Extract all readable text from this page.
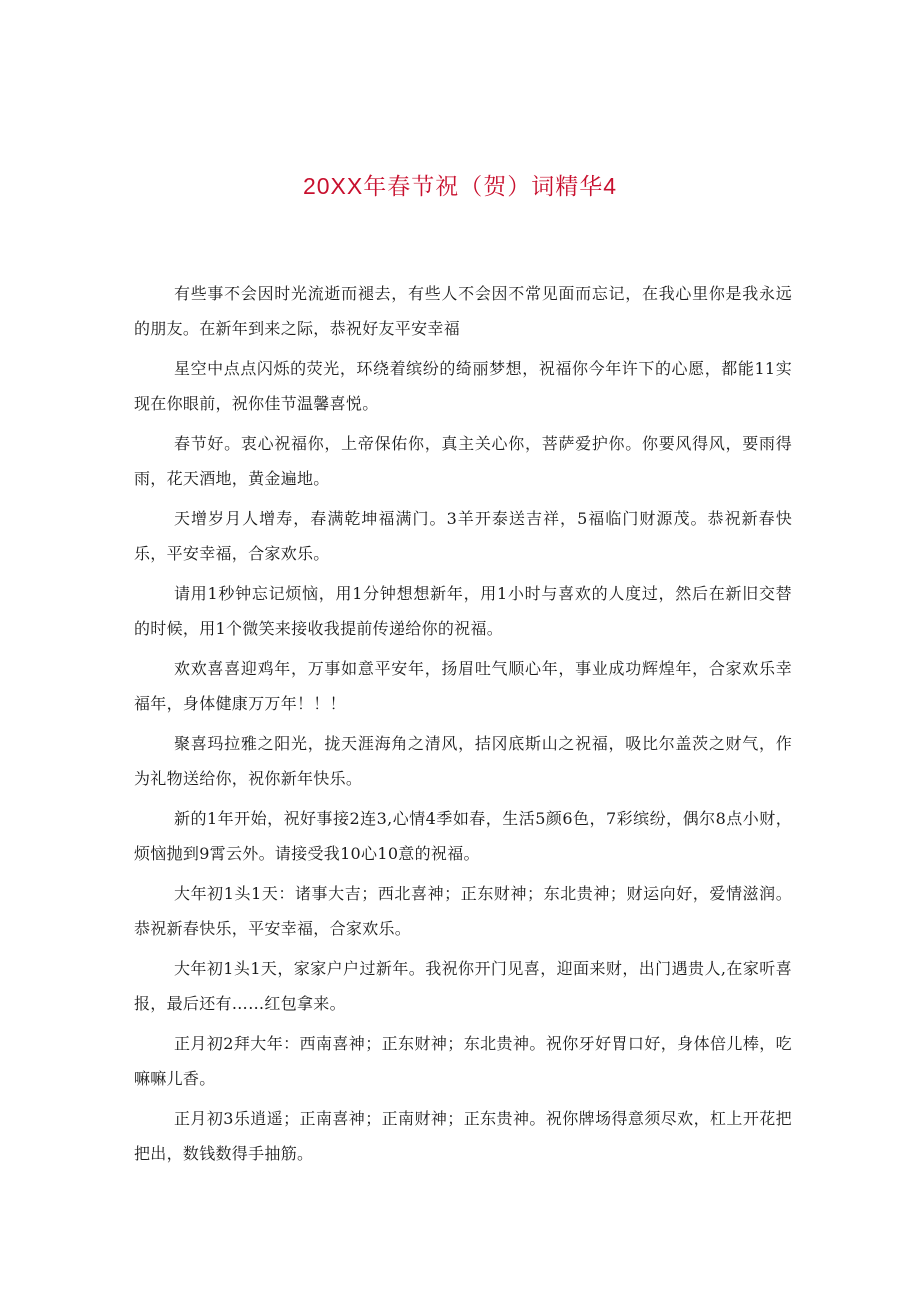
20XX年春节祝（贺）词精华4

有些事不会因时光流逝而褪去，有些人不会因不常见面而忘记，在我心里你是我永远的朋友。在新年到来之际，恭祝好友平安幸福

星空中点点闪烁的荧光，环绕着缤纷的绮丽梦想，祝福你今年许下的心愿，都能11实现在你眼前，祝你佳节温馨喜悦。

春节好。衷心祝福你，上帝保佑你，真主关心你，菩萨爱护你。你要风得风，要雨得雨，花天酒地，黄金遍地。

天增岁月人增寿，春满乾坤福满门。3羊开泰送吉祥，5福临门财源茂。恭祝新春快乐，平安幸福，合家欢乐。

请用1秒钟忘记烦恼，用1分钟想想新年，用1小时与喜欢的人度过，然后在新旧交替的时候，用1个微笑来接收我提前传递给你的祝福。

欢欢喜喜迎鸡年，万事如意平安年，扬眉吐气顺心年，事业成功辉煌年，合家欢乐幸福年，身体健康万万年！！！

聚喜玛拉雅之阳光，拢天涯海角之清风，拮冈底斯山之祝福，吸比尔盖茨之财气，作为礼物送给你，祝你新年快乐。

新的1年开始，祝好事接2连3,心情4季如春，生活5颜6色，7彩缤纷，偶尔8点小财，烦恼抛到9霄云外。请接受我10心10意的祝福。

大年初1头1天：诸事大吉；西北喜神；正东财神；东北贵神；财运向好，爱情滋润。恭祝新春快乐，平安幸福，合家欢乐。

大年初1头1天，家家户户过新年。我祝你开门见喜，迎面来财，出门遇贵人,在家听喜报，最后还有……红包拿来。

正月初2拜大年：西南喜神；正东财神；东北贵神。祝你牙好胃口好，身体倍儿棒，吃嘛嘛儿香。

正月初3乐逍遥；正南喜神；正南财神；正东贵神。祝你牌场得意须尽欢，杠上开花把把出，数钱数得手抽筋。
